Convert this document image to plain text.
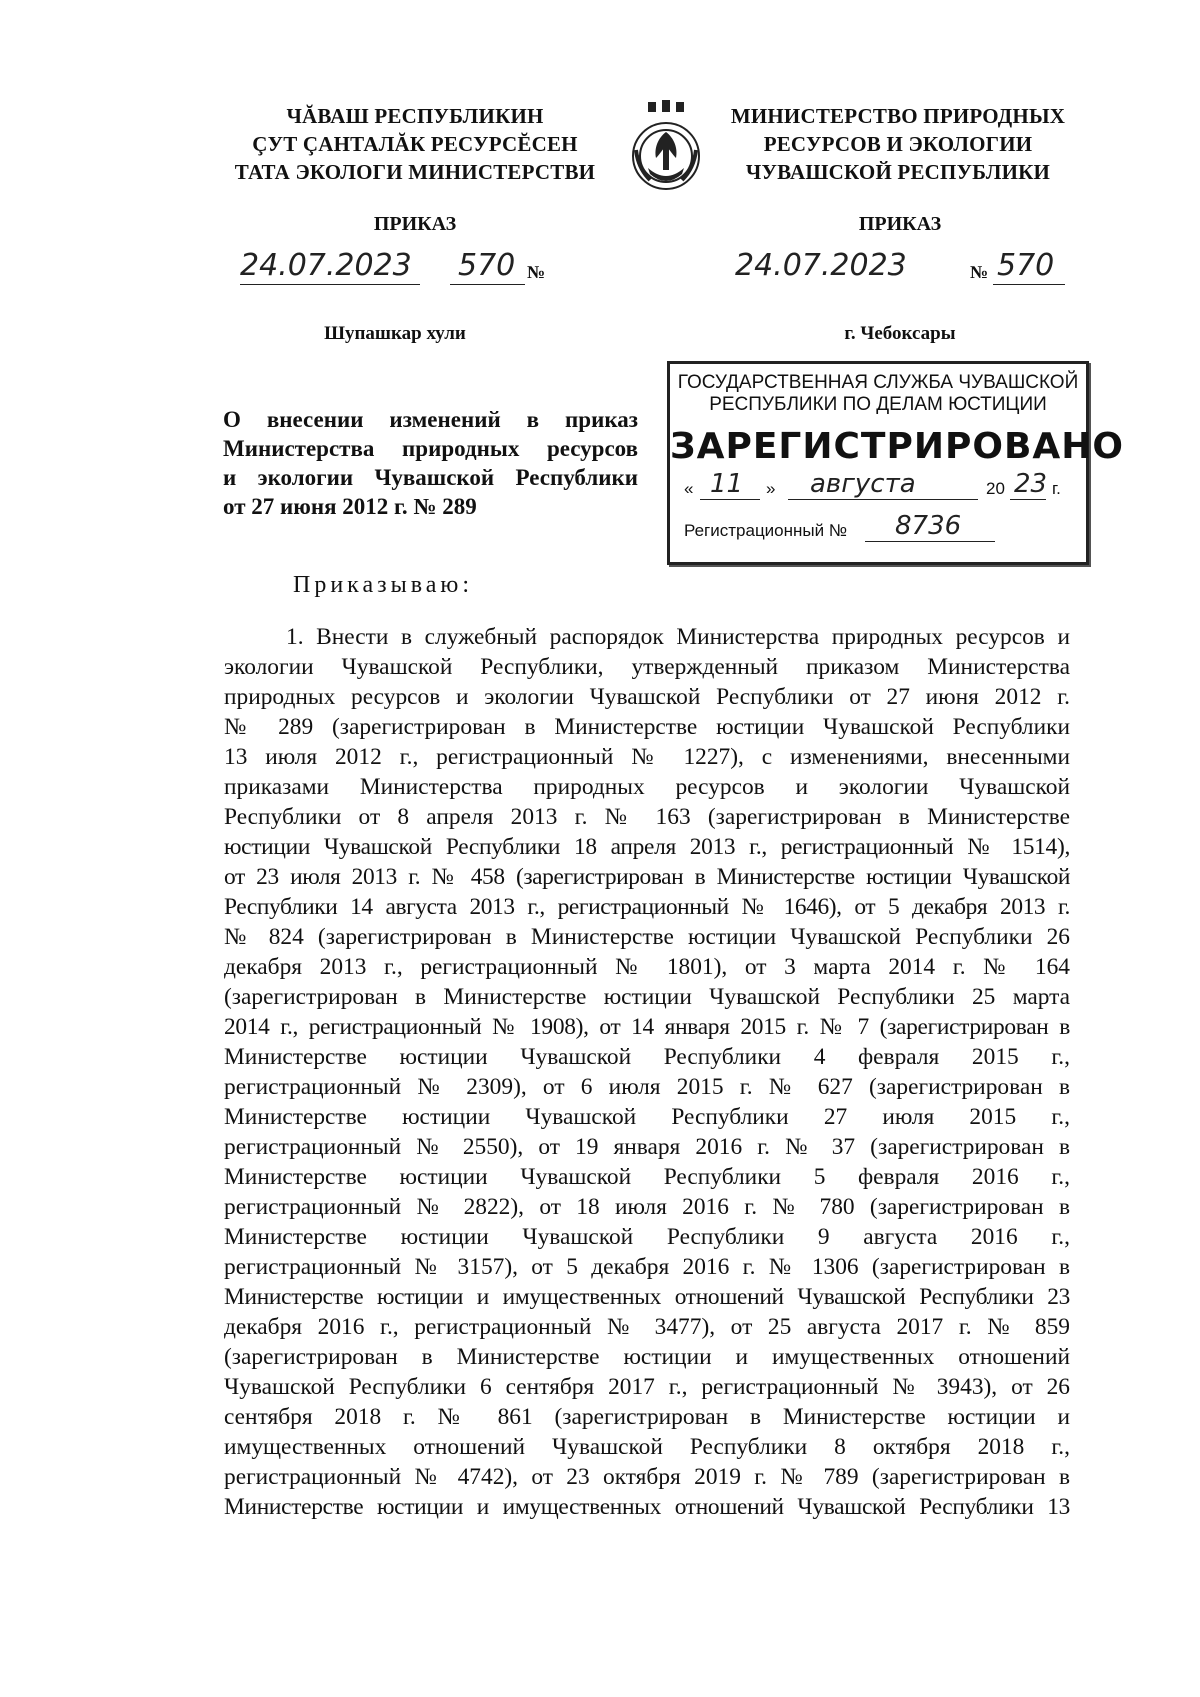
ЧĂВАШ РЕСПУБЛИКИН
ÇУТ ÇАНТАЛĂК РЕСУРСĔСЕН
ТАТА ЭКОЛОГИ МИНИСТЕРСТВИ
МИНИСТЕРСТВО ПРИРОДНЫХ
РЕСУРСОВ И ЭКОЛОГИИ
ЧУВАШСКОЙ РЕСПУБЛИКИ
ПРИКАЗ	ПРИКАЗ
24.07.2023 570 №	24.07.2023	№ 570
Шупашкар хули	г. Чебоксары
ГОСУДАРСТВЕННАЯ СЛУЖБА ЧУВАШСКОЙ
РЕСПУБЛИКИ ПО ДЕЛАМ ЮСТИЦИИ
ЗАРЕГИСТРИРОВАНО
« 11 » августа	20 23 г.
Регистрационный № 8736
О внесении изменений в приказ
Министерства природных ресурсов
и экологии Чувашской Республики
от 27 июня 2012 г. № 289
Приказываю:
1. Внести в служебный распорядок Министерства природных ресурсов и
экологии Чувашской Республики, утвержденный приказом Министерства
природных ресурсов и экологии Чувашской Республики от 27 июня 2012 г.
№ 289 (зарегистрирован в Министерстве юстиции Чувашской Республики
13 июля 2012 г., регистрационный № 1227), с изменениями, внесенными
приказами Министерства природных ресурсов и экологии Чувашской
Республики от 8 апреля 2013 г. № 163 (зарегистрирован в Министерстве
юстиции Чувашской Республики 18 апреля 2013 г., регистрационный № 1514),
от 23 июля 2013 г. № 458 (зарегистрирован в Министерстве юстиции Чувашской
Республики 14 августа 2013 г., регистрационный № 1646), от 5 декабря 2013 г.
№ 824 (зарегистрирован в Министерстве юстиции Чувашской Республики 26
декабря 2013 г., регистрационный № 1801), от 3 марта 2014 г. № 164
(зарегистрирован в Министерстве юстиции Чувашской Республики 25 марта
2014 г., регистрационный № 1908), от 14 января 2015 г. № 7 (зарегистрирован в
Министерстве юстиции Чувашской Республики 4 февраля 2015 г.,
регистрационный № 2309), от 6 июля 2015 г. № 627 (зарегистрирован в
Министерстве юстиции Чувашской Республики 27 июля 2015 г.,
регистрационный № 2550), от 19 января 2016 г. № 37 (зарегистрирован в
Министерстве юстиции Чувашской Республики 5 февраля 2016 г.,
регистрационный № 2822), от 18 июля 2016 г. № 780 (зарегистрирован в
Министерстве юстиции Чувашской Республики 9 августа 2016 г.,
регистрационный № 3157), от 5 декабря 2016 г. № 1306 (зарегистрирован в
Министерстве юстиции и имущественных отношений Чувашской Республики 23
декабря 2016 г., регистрационный № 3477), от 25 августа 2017 г. № 859
(зарегистрирован в Министерстве юстиции и имущественных отношений
Чувашской Республики 6 сентября 2017 г., регистрационный № 3943), от 26
сентября 2018 г. № 861 (зарегистрирован в Министерстве юстиции и
имущественных отношений Чувашской Республики 8 октября 2018 г.,
регистрационный № 4742), от 23 октября 2019 г. № 789 (зарегистрирован в
Министерстве юстиции и имущественных отношений Чувашской Республики 13
